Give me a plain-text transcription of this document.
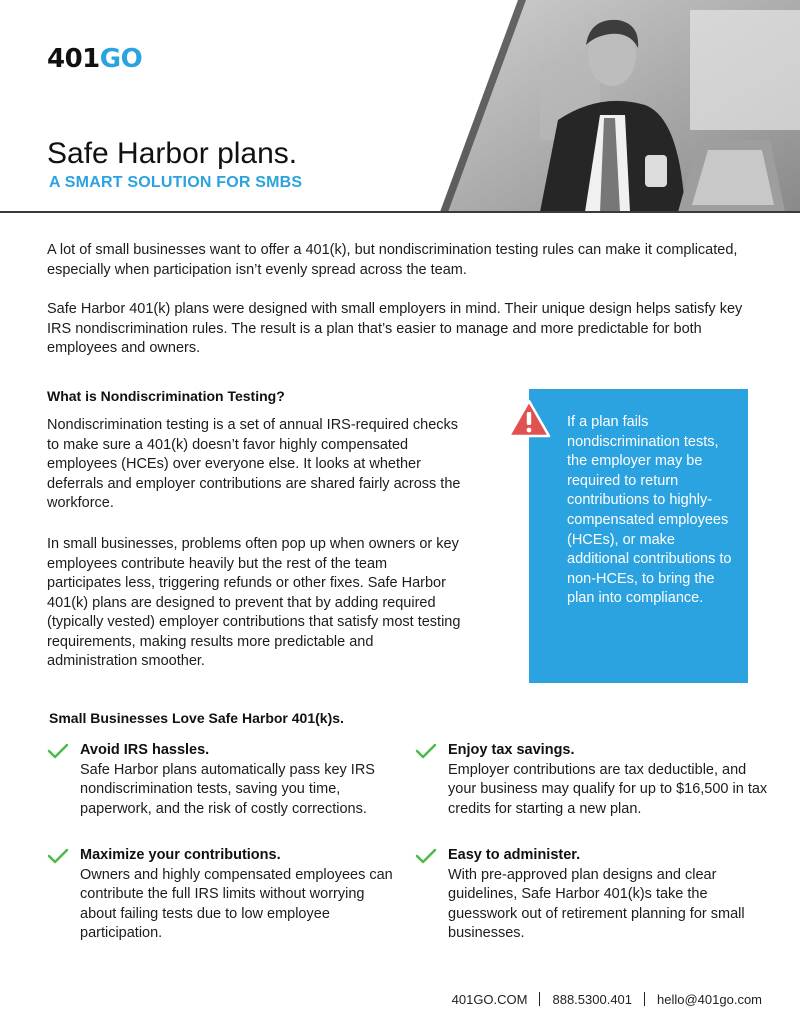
401GO
Safe Harbor plans.
A SMART SOLUTION FOR SMBS

A lot of small businesses want to offer a 401(k), but nondiscrimination testing rules can make it complicated, especially when participation isn’t evenly spread across the team.

Safe Harbor 401(k) plans were designed with small employers in mind. Their unique design helps satisfy key IRS nondiscrimination rules. The result is a plan that’s easier to manage and more predictable for both employees and owners.

What is Nondiscrimination Testing?

Nondiscrimination testing is a set of annual IRS-required checks to make sure a 401(k) doesn’t favor highly compensated employees (HCEs) over everyone else. It looks at whether deferrals and employer contributions are shared fairly across the workforce.

In small businesses, problems often pop up when owners or key employees contribute heavily but the rest of the team participates less, triggering refunds or other fixes. Safe Harbor 401(k) plans are designed to prevent that by adding required (typically vested) employer contributions that satisfy most testing requirements, making results more predictable and administration smoother.

If a plan fails nondiscrimination tests, the employer may be required to return contributions to highly-compensated employees (HCEs), or make additional contributions to non-HCEs, to bring the plan into compliance.
Small Businesses Love Safe Harbor 401(k)s.
Avoid IRS hassles.
Safe Harbor plans automatically pass key IRS nondiscrimination tests, saving you time, paperwork, and the risk of costly corrections.
Enjoy tax savings.
Employer contributions are tax deductible, and your business may qualify for up to $16,500 in tax credits for starting a new plan.
Maximize your contributions.
Owners and highly compensated employees can contribute the full IRS limits without worrying about failing tests due to low employee participation.
Easy to administer.
With pre-approved plan designs and clear guidelines, Safe Harbor 401(k)s take the guesswork out of retirement planning for small businesses.
401GO.COM 888.5300.401 hello@401go.com
